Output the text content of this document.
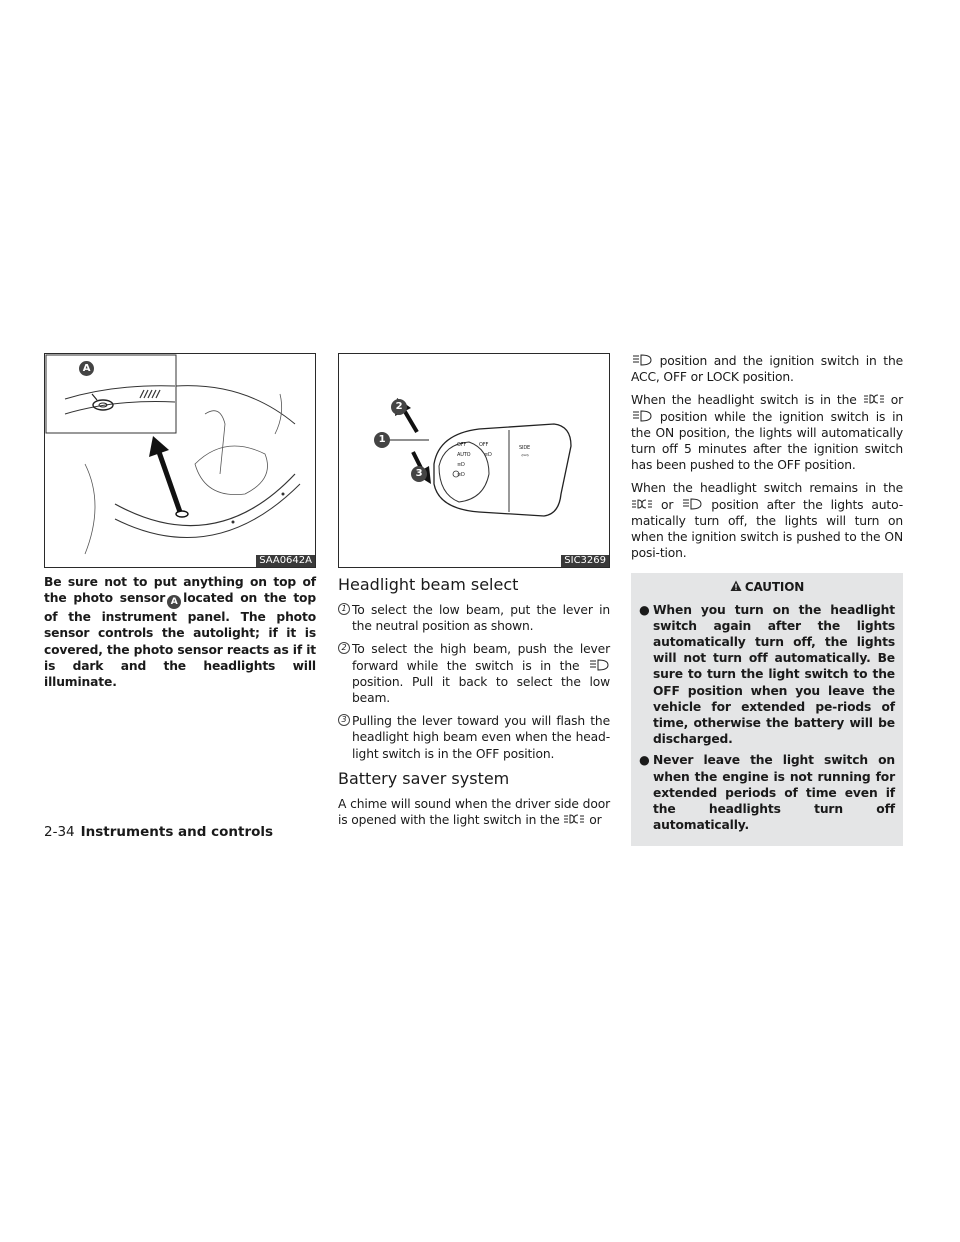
A
SAA0642A

Be sure not to put anything on top of the photo sensor A located on the top of the instrument panel. The photo sensor controls the autolight; if it is covered, the photo sensor reacts as if it is dark and the headlights will illuminate.

OFF	OFF
AUTO
≡D
≡D
≡D
SIDE
⇦⇨
2
1
3
SIC3269
Headlight beam select
1 To select the low beam, put the lever in the neutral position as shown.
2 To select the high beam, push the lever forward while the switch is in the  position. Pull it back to select the low beam.
3 Pulling the lever toward you will flash the headlight high beam even when the head-light switch is in the OFF position.
Battery saver system

A chime will sound when the driver side door is opened with the light switch in the or

position and the ignition switch in the ACC, OFF or LOCK position.

When the headlight switch is in the	or  position while the ignition switch is in the ON position, the lights will automatically turn off 5 minutes after the ignition switch has been pushed to the OFF position.

When the headlight switch remains in the  or	position after the lights auto-matically turn off, the lights will turn on when the ignition switch is pushed to the ON posi-tion.

CAUTION
● When you turn on the headlight switch again after the lights automatically turn off, the lights will not turn off automatically. Be sure to turn the light switch to the OFF position when you leave the vehicle for extended pe-riods of time, otherwise the battery will be discharged.
● Never leave the light switch on when the engine is not running for extended periods of time even if the headlights turn off automatically.
2-34 Instruments and controls
